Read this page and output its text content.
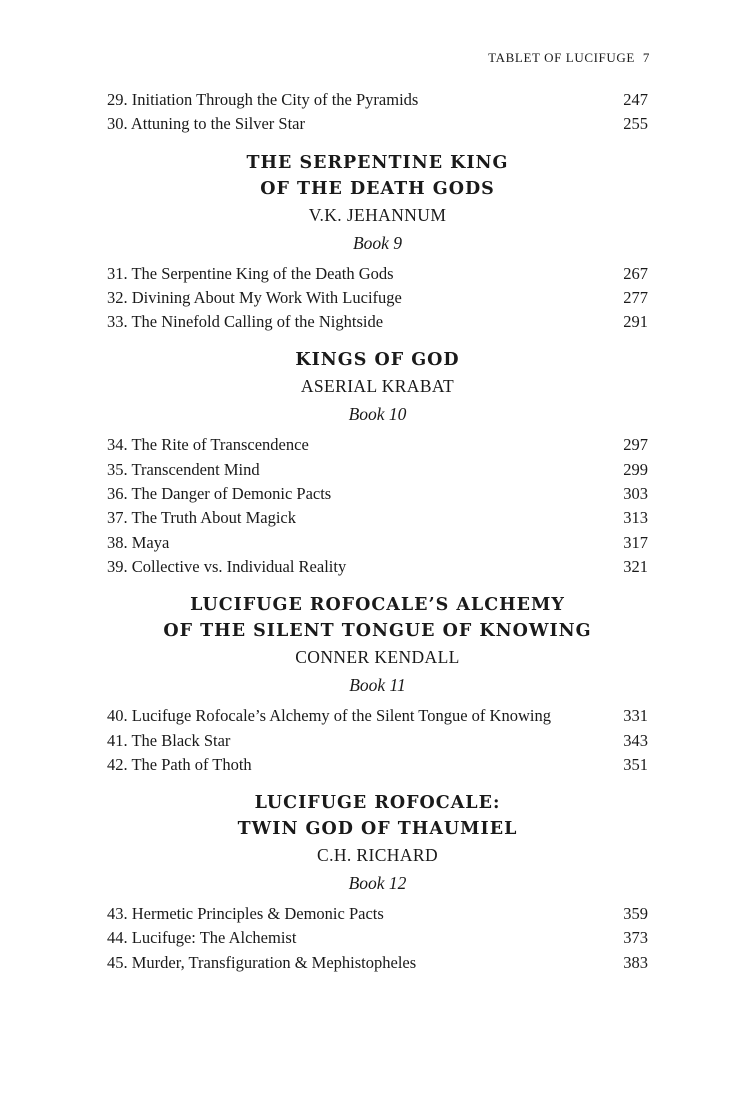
TABLET OF LUCIFUGE 7
29. Initiation Through the City of the Pyramids	247
30. Attuning to the Silver Star	255
THE SERPENTINE KING
OF THE DEATH GODS
V.K. JEHANNUM
Book 9
31. The Serpentine King of the Death Gods	267
32. Divining About My Work With Lucifuge	277
33. The Ninefold Calling of the Nightside	291
KINGS OF GOD
ASERIAL KRABAT
Book 10
34. The Rite of Transcendence	297
35. Transcendent Mind	299
36. The Danger of Demonic Pacts	303
37. The Truth About Magick	313
38. Maya	317
39. Collective vs. Individual Reality	321
LUCIFUGE ROFOCALE’S ALCHEMY
OF THE SILENT TONGUE OF KNOWING
CONNER KENDALL
Book 11
40. Lucifuge Rofocale’s Alchemy of the Silent Tongue of Knowing	331
41. The Black Star	343
42. The Path of Thoth	351
LUCIFUGE ROFOCALE:
TWIN GOD OF THAUMIEL
C.H. RICHARD
Book 12
43. Hermetic Principles & Demonic Pacts	359
44. Lucifuge: The Alchemist	373
45. Murder, Transfiguration & Mephistopheles	383
